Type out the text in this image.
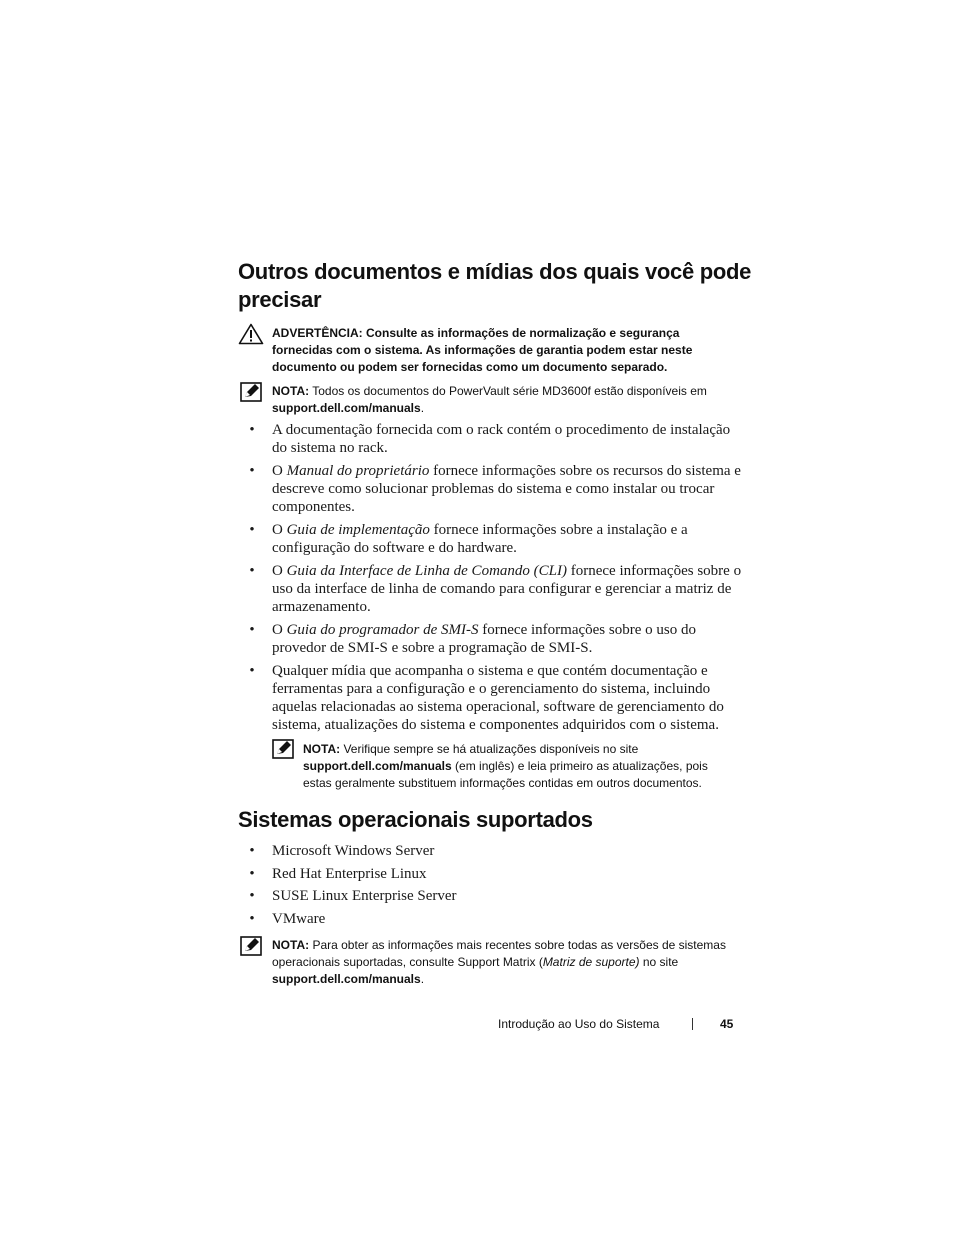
Outros documentos e mídias dos quais você pode precisar
ADVERTÊNCIA: Consulte as informações de normalização e segurança fornecidas com o sistema. As informações de garantia podem estar neste documento ou podem ser fornecidas como um documento separado.
NOTA: Todos os documentos do PowerVault série MD3600f estão disponíveis em
support.dell.com/manuals.
• A documentação fornecida com o rack contém o procedimento de instalação do sistema no rack.
• O Manual do proprietário fornece informações sobre os recursos do sistema e descreve como solucionar problemas do sistema e como instalar ou trocar componentes.
• O Guia de implementação fornece informações sobre a instalação e a configuração do software e do hardware.
• O Guia da Interface de Linha de Comando (CLI) fornece informações sobre o uso da interface de linha de comando para configurar e gerenciar a matriz de armazenamento.
• O Guia do programador de SMI-S fornece informações sobre o uso do provedor de SMI-S e sobre a programação de SMI-S.
• Qualquer mídia que acompanha o sistema e que contém documentação e ferramentas para a configuração e o gerenciamento do sistema, incluindo aquelas relacionadas ao sistema operacional, software de gerenciamento do sistema, atualizações do sistema e componentes adquiridos com o sistema.
NOTA: Verifique sempre se há atualizações disponíveis no site support.dell.com/manuals (em inglês) e leia primeiro as atualizações, pois estas geralmente substituem informações contidas em outros documentos.
Sistemas operacionais suportados
• Microsoft Windows Server
• Red Hat Enterprise Linux
• SUSE Linux Enterprise Server
• VMware
NOTA: Para obter as informações mais recentes sobre todas as versões de sistemas operacionais suportadas, consulte Support Matrix (Matriz de suporte) no site support.dell.com/manuals.
Introdução ao Uso do Sistema	45
